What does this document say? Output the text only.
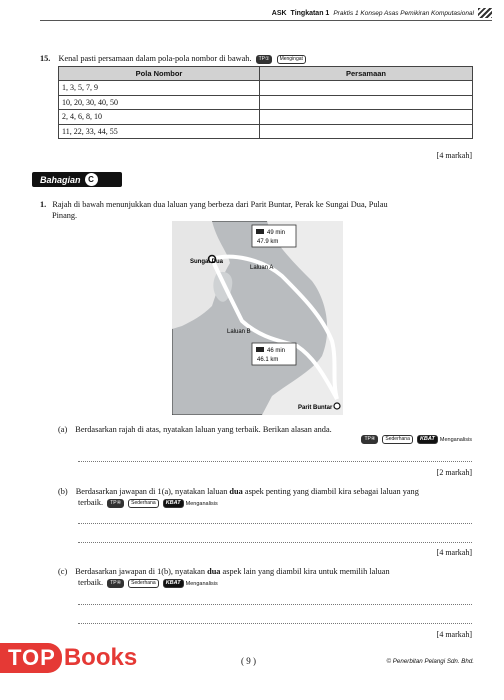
ASK Tingkatan 1 Praktis 1 Konsep Asas Pemikiran Komputasional
15. Kenal pasti persamaan dalam pola-pola nombor di bawah. TP① Mengingat
Pola Nombor	Persamaan
1, 3, 5, 7, 9	
10, 20, 30, 40, 50	
2, 4, 6, 8, 10	
11, 22, 33, 44, 55	
[4 markah]
Bahagian C
1. Rajah di bawah menunjukkan dua laluan yang berbeza dari Parit Buntar, Perak ke Sungai Dua, Pulau
Pinang.
Sungai Dua
Parit Buntar
Laluan A
Laluan B
49 min
47.9 km
46 min
46.1 km
(a) Berdasarkan rajah di atas, nyatakan laluan yang terbaik. Berikan alasan anda.
TP④ Sederhana KBAT Menganalisis
[2 markah]
(b) Berdasarkan jawapan di 1(a), nyatakan laluan dua aspek penting yang diambil kira sebagai laluan yang
terbaik. TP④ Sederhana KBAT Menganalisis
[4 markah]
(c) Berdasarkan jawapan di 1(b), nyatakan dua aspek lain yang diambil kira untuk memilih laluan
terbaik. TP④ Sederhana KBAT Menganalisis
[4 markah]
TOP Books	( 9 )	© Penerbitan Pelangi Sdn. Bhd.
